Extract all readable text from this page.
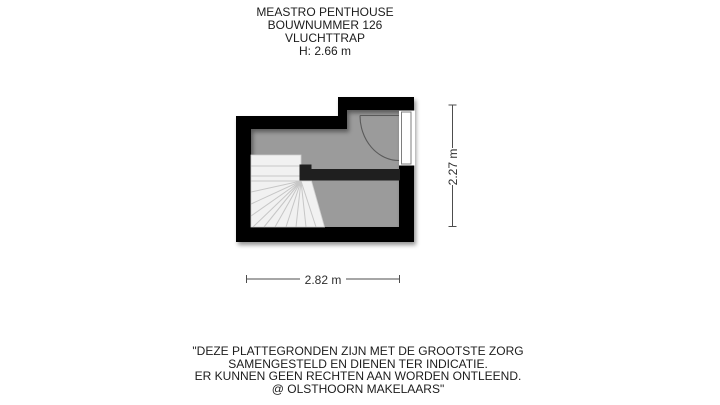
MEASTRO PENTHOUSE
BOUWNUMMER 126
VLUCHTTRAP
H: 2.66 m
2.82 m
2.27 m
"DEZE PLATTEGRONDEN ZIJN MET DE GROOTSTE ZORG
SAMENGESTELD EN DIENEN TER INDICATIE.
ER KUNNEN GEEN RECHTEN AAN WORDEN ONTLEEND.
@ OLSTHOORN MAKELAARS"
